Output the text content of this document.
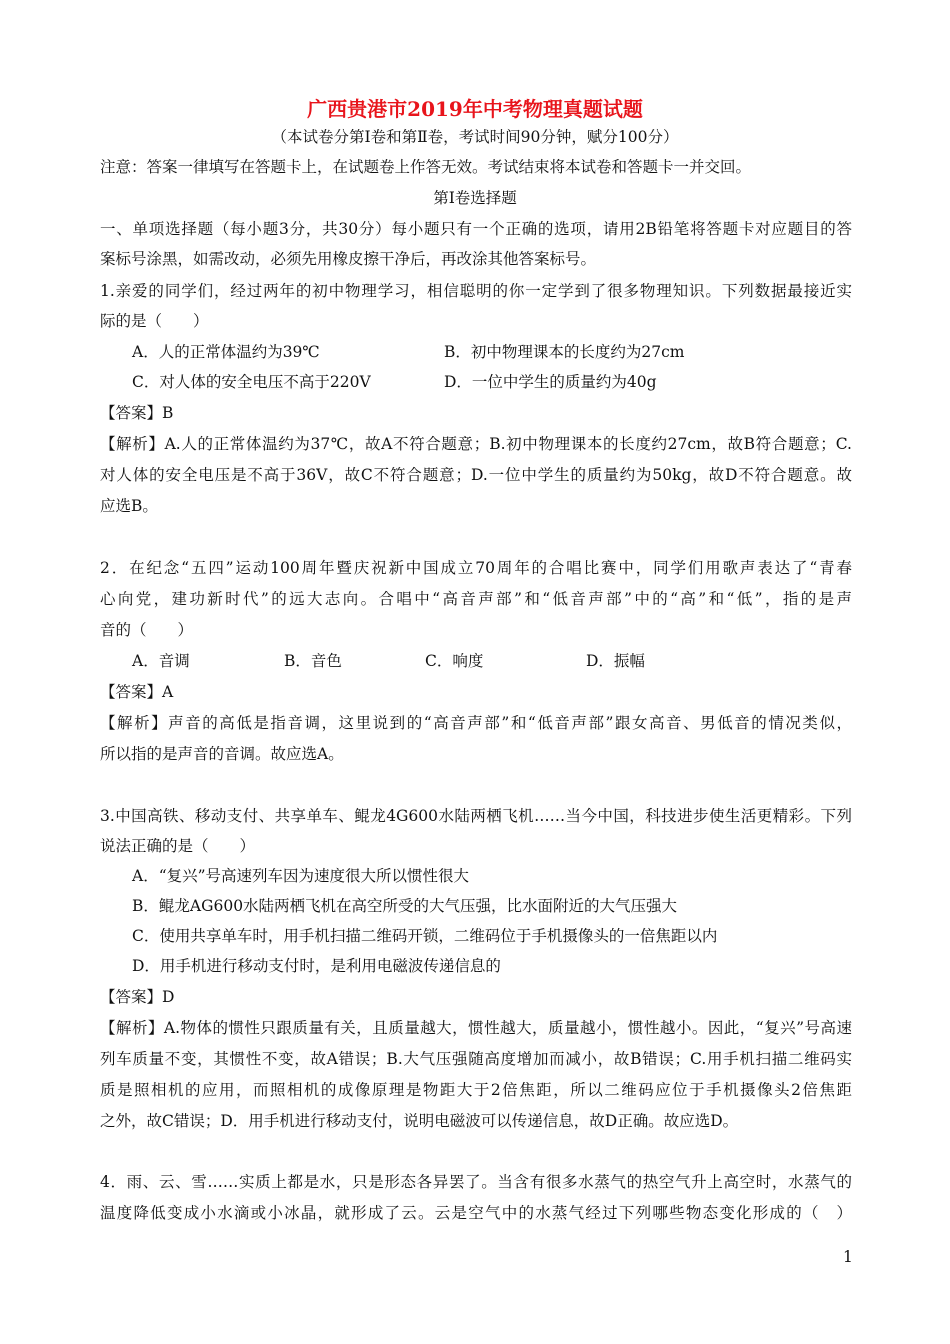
广西贵港市2019年中考物理真题试题
（本试卷分第Ⅰ卷和第Ⅱ卷，考试时间90分钟，赋分100分）
注意：答案一律填写在答题卡上，在试题卷上作答无效。考试结束将本试卷和答题卡一并交回。
第Ⅰ卷选择题
一、单项选择题（每小题3分，共30分）每小题只有一个正确的选项，请用2B铅笔将答题卡对应题目的答
案标号涂黑，如需改动，必须先用橡皮擦干净后，再改涂其他答案标号。
1.亲爱的同学们，经过两年的初中物理学习，相信聪明的你一定学到了很多物理知识。下列数据最接近实
际的是（　　）
A．人的正常体温约为39℃	B．初中物理课本的长度约为27cm
C．对人体的安全电压不高于220V	D．一位中学生的质量约为40g
【答案】B
【解析】A.人的正常体温约为37℃，故A不符合题意；B.初中物理课本的长度约27cm，故B符合题意；C.
对人体的安全电压是不高于36V，故C不符合题意；D.一位中学生的质量约为50kg，故D不符合题意。故
应选B。
2．在纪念“五四”运动100周年暨庆祝新中国成立70周年的合唱比赛中，同学们用歌声表达了“青春
心向党，建功新时代”的远大志向。合唱中“高音声部”和“低音声部”中的“高”和“低”，指的是声
音的（　　）
A．音调	B．音色	C．响度	D．振幅
【答案】A
【解析】声音的高低是指音调，这里说到的“高音声部”和“低音声部”跟女高音、男低音的情况类似，
所以指的是声音的音调。故应选A。
3.中国高铁、移动支付、共享单车、鲲龙4G600水陆两栖飞机……当今中国，科技进步使生活更精彩。下列
说法正确的是（　　）
A．“复兴”号高速列车因为速度很大所以惯性很大
B．鲲龙AG600水陆两栖飞机在高空所受的大气压强，比水面附近的大气压强大
C．使用共享单车时，用手机扫描二维码开锁，二维码位于手机摄像头的一倍焦距以内
D．用手机进行移动支付时，是利用电磁波传递信息的
【答案】D
【解析】A.物体的惯性只跟质量有关，且质量越大，惯性越大，质量越小，惯性越小。因此，“复兴”号高速
列车质量不变，其惯性不变，故A错误；B.大气压强随高度增加而减小，故B错误；C.用手机扫描二维码实
质是照相机的应用，而照相机的成像原理是物距大于2倍焦距，所以二维码应位于手机摄像头2倍焦距
之外，故C错误；D．用手机进行移动支付，说明电磁波可以传递信息，故D正确。故应选D。
4．雨、云、雪……实质上都是水，只是形态各异罢了。当含有很多水蒸气的热空气升上高空时，水蒸气的
温度降低变成小水滴或小冰晶，就形成了云。云是空气中的水蒸气经过下列哪些物态变化形成的（　）
1
